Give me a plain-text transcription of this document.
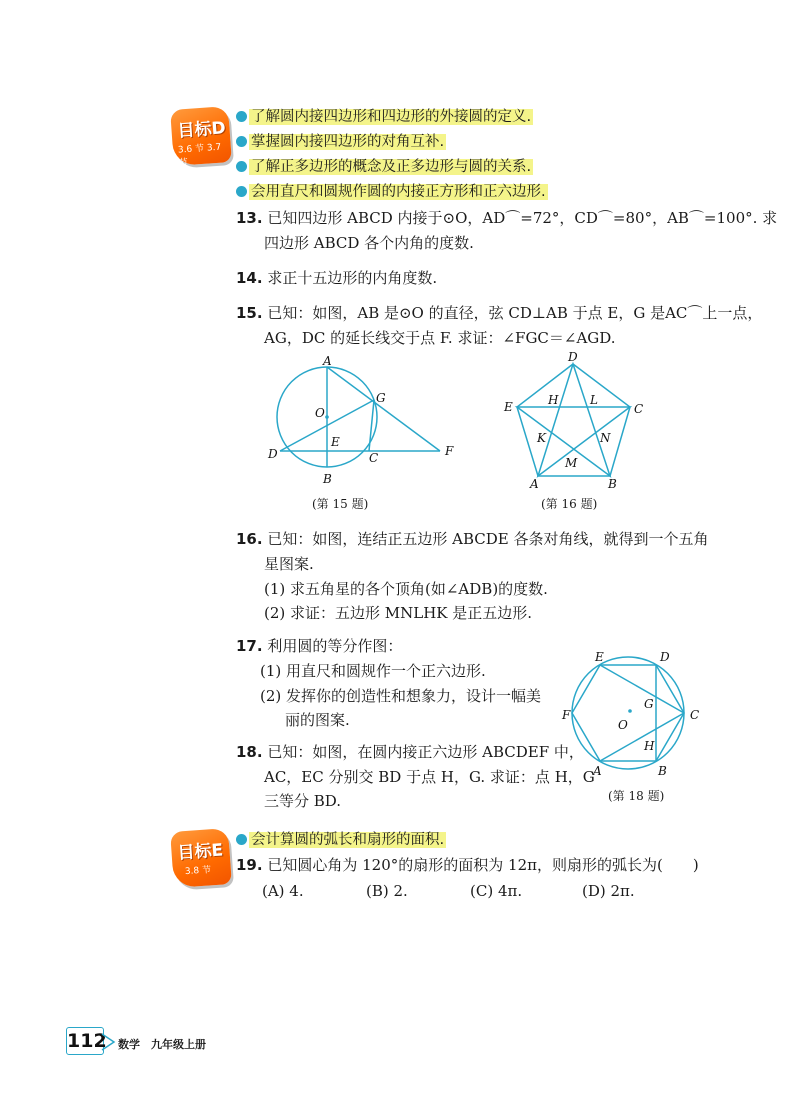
目标D
3.6 节 3.7 节
了解圆内接四边形和四边形的外接圆的定义.
掌握圆内接四边形的对角互补.
了解正多边形的概念及正多边形与圆的关系.
会用直尺和圆规作圆的内接正方形和正六边形.
13. 已知四边形 ABCD 内接于⊙O，AD⌒=72°，CD⌒=80°，AB⌒=100°. 求
四边形 ABCD 各个内角的度数.
14. 求正十五边形的内角度数.
15. 已知：如图，AB 是⊙O 的直径，弦 CD⊥AB 于点 E，G 是AC⌒上一点，
AG，DC 的延长线交于点 F. 求证：∠FGC＝∠AGD.
A
B
C
D
E
F
G
O
(第 15 题)
D
C
E
A	B
H	L
K	N
M
(第 16 题)
16. 已知：如图，连结正五边形 ABCDE 各条对角线，就得到一个五角
星图案.
(1) 求五角星的各个顶角(如∠ADB)的度数.
(2) 求证：五边形 MNLHK 是正五边形.
17. 利用圆的等分作图：
(1) 用直尺和圆规作一个正六边形.
(2) 发挥你的创造性和想象力，设计一幅美
丽的图案.
18. 已知：如图，在圆内接正六边形 ABCDEF 中，
AC，EC 分别交 BD 于点 H，G. 求证：点 H，G
三等分 BD.
E	D
C
F
A	B
G
H
O
(第 18 题)
目标E
3.8 节
会计算圆的弧长和扇形的面积.
19. 已知圆心角为 120°的扇形的面积为 12π，则扇形的弧长为(　　)
(A) 4.	(B) 2.	(C) 4π.	(D) 2π.
112 数学　九年级上册
